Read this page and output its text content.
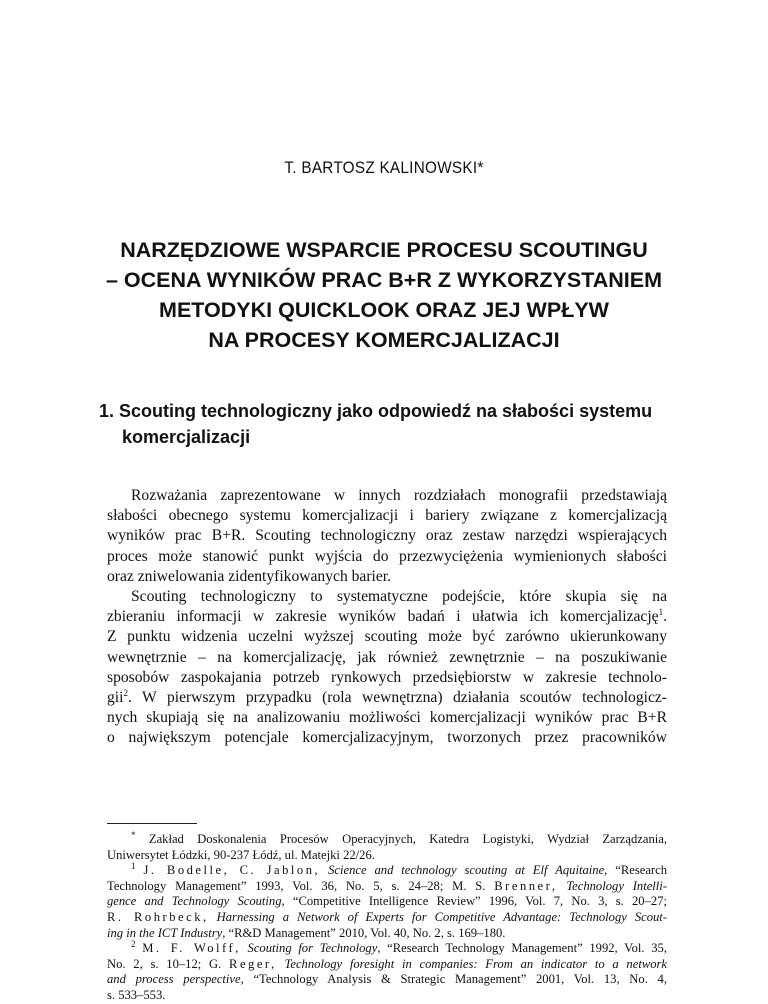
T. BARTOSZ KALINOWSKI*
NARZĘDZIOWE WSPARCIE PROCESU SCOUTINGU
– OCENA WYNIKÓW PRAC B+R Z WYKORZYSTANIEM
METODYKI QUICKLOOK ORAZ JEJ WPŁYW
NA PROCESY KOMERCJALIZACJI
1. Scouting technologiczny jako odpowiedź na słabości systemu
komercjalizacji
Rozważania zaprezentowane w innych rozdziałach monografii przedstawiają
słabości obecnego systemu komercjalizacji i bariery związane z komercjalizacją
wyników prac B+R. Scouting technologiczny oraz zestaw narzędzi wspierających
proces może stanowić punkt wyjścia do przezwyciężenia wymienionych słabości
oraz zniwelowania zidentyfikowanych barier.
Scouting technologiczny to systematyczne podejście, które skupia się na
zbieraniu informacji w zakresie wyników badań i ułatwia ich komercjalizację$^1$.
Z punktu widzenia uczelni wyższej scouting może być zarówno ukierunkowany
wewnętrznie – na komercjalizację, jak również zewnętrznie – na poszukiwanie
sposobów zaspokajania potrzeb rynkowych przedsiębiorstw w zakresie technolo-
gii$^2$. W pierwszym przypadku (rola wewnętrzna) działania scoutów technologicz-
nych skupiają się na analizowaniu możliwości komercjalizacji wyników prac B+R
o największym potencjale komercjalizacyjnym, tworzonych przez pracowników
* Zakład Doskonalenia Procesów Operacyjnych, Katedra Logistyki, Wydział Zarządzania,
Uniwersytet Łódzki, 90-237 Łódź, ul. Matejki 22/26.
$^1$ J. Bodelle, C. Jablon, Science and technology scouting at Elf Aquitaine, “Research
Technology Management” 1993, Vol. 36, No. 5, s. 24–28; M. S. Brenner, Technology Intelli-
gence and Technology Scouting, “Competitive Intelligence Review” 1996, Vol. 7, No. 3, s. 20–27;
R. Rohrbeck, Harnessing a Network of Experts for Competitive Advantage: Technology Scout-
ing in the ICT Industry, “R&D Management” 2010, Vol. 40, No. 2, s. 169–180.
$^2$ M. F. Wolff, Scouting for Technology, “Research Technology Management” 1992, Vol. 35,
No. 2, s. 10–12; G. Reger, Technology foresight in companies: From an indicator to a network
and process perspective, “Technology Analysis & Strategic Management” 2001, Vol. 13, No. 4,
s. 533–553.
